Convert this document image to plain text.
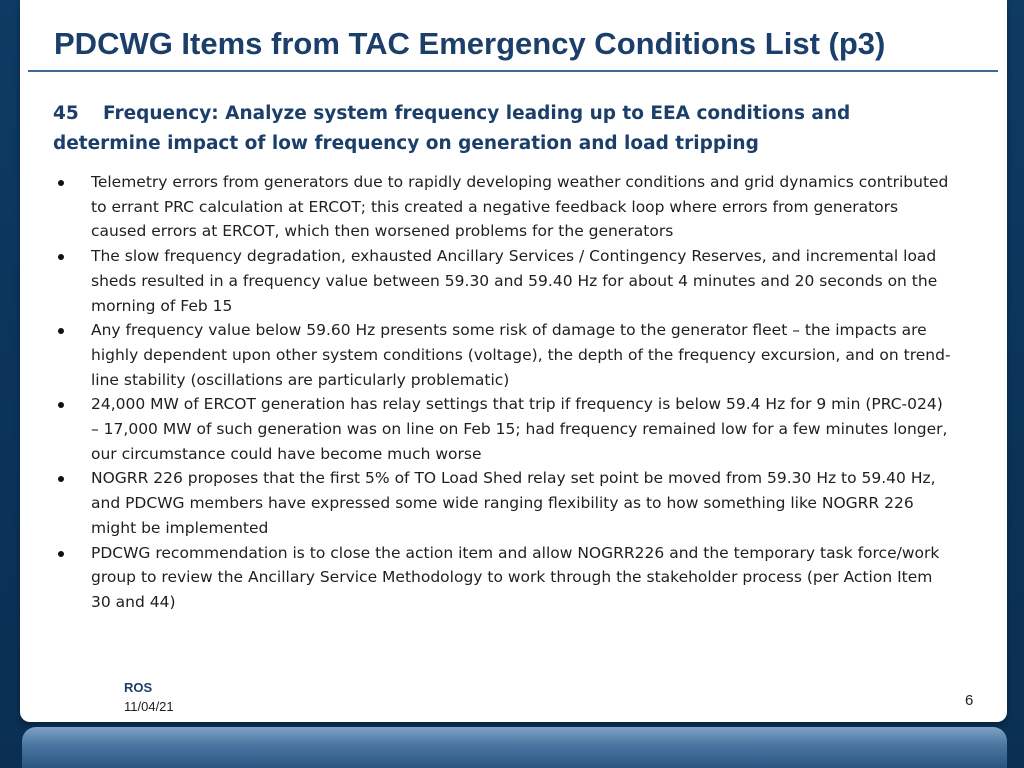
PDCWG Items from TAC Emergency Conditions List (p3)
45 Frequency: Analyze system frequency leading up to EEA conditions and
determine impact of low frequency on generation and load tripping
Telemetry errors from generators due to rapidly developing weather conditions and grid dynamics contributed to errant PRC calculation at ERCOT; this created a negative feedback loop where errors from generators caused errors at ERCOT, which then worsened problems for the generators
The slow frequency degradation, exhausted Ancillary Services / Contingency Reserves, and incremental load sheds resulted in a frequency value between 59.30 and 59.40 Hz for about 4 minutes and 20 seconds on the morning of Feb 15
Any frequency value below 59.60 Hz presents some risk of damage to the generator fleet – the impacts are highly dependent upon other system conditions (voltage), the depth of the frequency excursion, and on trend-line stability (oscillations are particularly problematic)
24,000 MW of ERCOT generation has relay settings that trip if frequency is below 59.4 Hz for 9 min (PRC-024) – 17,000 MW of such generation was on line on Feb 15; had frequency remained low for a few minutes longer, our circumstance could have become much worse
NOGRR 226 proposes that the first 5% of TO Load Shed relay set point be moved from 59.30 Hz to 59.40 Hz, and PDCWG members have expressed some wide ranging flexibility as to how something like NOGRR 226 might be implemented
PDCWG recommendation is to close the action item and allow NOGRR226 and the temporary task force/work group to review the Ancillary Service Methodology to work through the stakeholder process (per Action Item 30 and 44)
ROS
11/04/21	6
